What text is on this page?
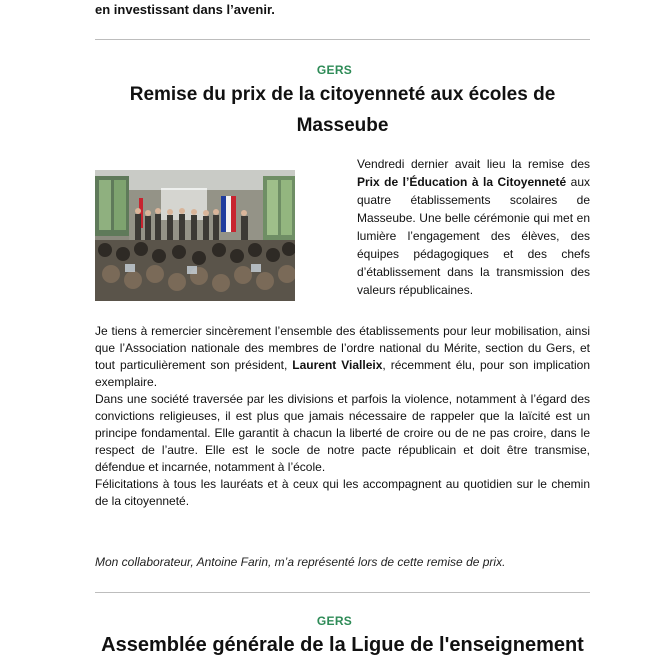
en investissant dans l’avenir.
GERS
Remise du prix de la citoyenneté aux écoles de Masseube

Vendredi dernier avait lieu la remise des Prix de l’Éducation à la Citoyenneté aux quatre établissements scolaires de Masseube. Une belle cérémonie qui met en lumière l’engagement des élèves, des équipes pédagogiques et des chefs d’établissement dans la transmission des valeurs républicaines.

Je tiens à remercier sincèrement l’ensemble des établissements pour leur mobilisation, ainsi que l’Association nationale des membres de l’ordre national du Mérite, section du Gers, et tout particulièrement son président, Laurent Vialleix, récemment élu, pour son implication exemplaire.

Dans une société traversée par les divisions et parfois la violence, notamment à l’égard des convictions religieuses, il est plus que jamais nécessaire de rappeler que la laïcité est un principe fondamental. Elle garantit à chacun la liberté de croire ou de ne pas croire, dans le respect de l’autre. Elle est le socle de notre pacte républicain et doit être transmise, défendue et incarnée, notamment à l’école.

Félicitations à tous les lauréats et à ceux qui les accompagnent au quotidien sur le chemin de la citoyenneté.

Mon collaborateur, Antoine Farin, m’a représenté lors de cette remise de prix.

GERS
Assemblée générale de la Ligue de l'enseignement
